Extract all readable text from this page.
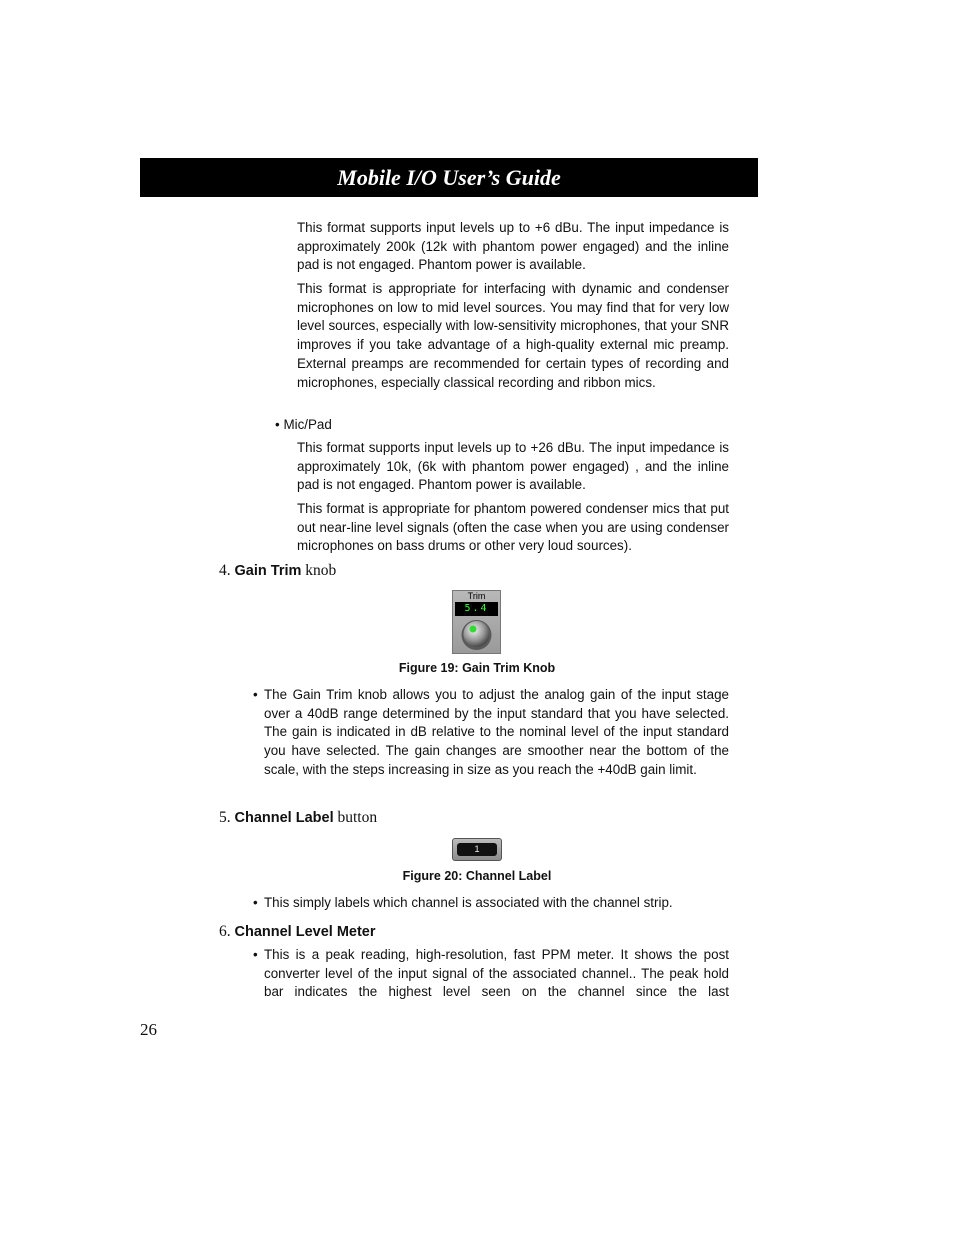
Mobile I/O User’s Guide

This format supports input levels up to +6 dBu. The input impedance is approximately 200k (12k with phantom power engaged) and the inline pad is not engaged. Phantom power is available.

This format is appropriate for interfacing with dynamic and condenser microphones on low to mid level sources. You may find that for very low level sources, especially with low-sensitivity microphones, that your SNR improves if you take advantage of a high-quality external mic preamp. External preamps are recommended for certain types of recording and microphones, especially classical recording and ribbon mics.

• Mic/Pad

This format supports input levels up to +26 dBu. The input impedance is approximately 10k, (6k with phantom power engaged) , and the inline pad is not engaged. Phantom power is available.

This format is appropriate for phantom powered condenser mics that put out near-line level signals (often the case when you are using condenser microphones on bass drums or other very loud sources).

4. Gain Trim knob
Trim
5.4
Figure 19: Gain Trim Knob
• The Gain Trim knob allows you to adjust the analog gain of the input stage over a 40dB range determined by the input standard that you have selected. The gain is indicated in dB relative to the nominal level of the input standard you have selected. The gain changes are smoother near the bottom of the scale, with the steps increasing in size as you reach the +40dB gain limit.

5. Channel Label button
1
Figure 20: Channel Label
• This simply labels which channel is associated with the channel strip.

6. Channel Level Meter
• This is a peak reading, high-resolution, fast PPM meter. It shows the post converter level of the input signal of the associated channel.. The peak hold bar indicates the highest level seen on the channel since the last

26
